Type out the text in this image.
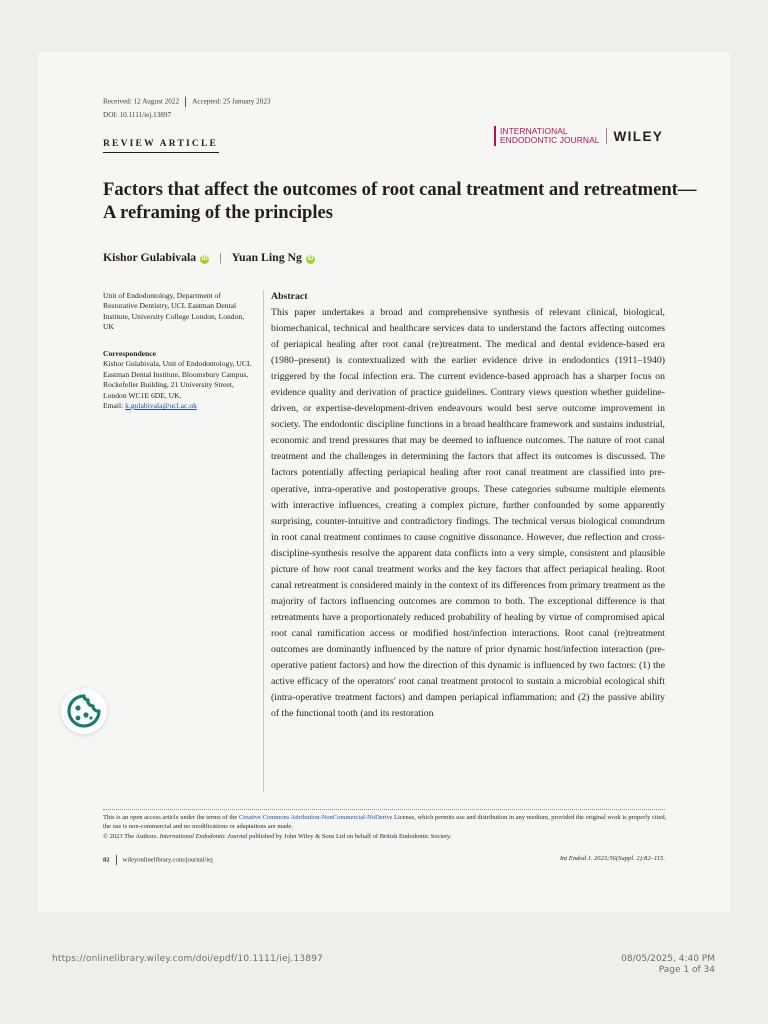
Received: 12 August 2022 Accepted: 25 January 2023
DOI: 10.1111/iej.13897
REVIEW ARTICLE
INTERNATIONAL
ENDODONTIC JOURNAL WILEY
Factors that affect the outcomes of root canal treatment and retreatment—A reframing of the principles
Kishor Gulabivala iD | Yuan Ling Ng iD
Unit of Endodontology, Department of Restorative Dentistry, UCL Eastman Dental Institute, University College London, London, UK
Correspondence
Kishor Gulabivala, Unit of Endodontology, UCL Eastman Dental Institute, Bloomsbury Campus, Rockefeller Building, 21 University Street, London WC1E 6DE, UK.
Email: k.gulabivala@ucl.ac.uk
Abstract
This paper undertakes a broad and comprehensive synthesis of relevant clinical, biological, biomechanical, technical and healthcare services data to understand the factors affecting outcomes of periapical healing after root canal (re)treatment. The medical and dental evidence-based era (1980–present) is contextualized with the earlier evidence drive in endodontics (1911–1940) triggered by the focal infection era. The current evidence-based approach has a sharper focus on evidence quality and derivation of practice guidelines. Contrary views question whether guideline-driven, or expertise-development-driven endeavours would best serve outcome improvement in society. The endodontic discipline functions in a broad healthcare framework and sustains industrial, economic and trend pressures that may be deemed to influence outcomes. The nature of root canal treatment and the challenges in determining the factors that affect its outcomes is discussed. The factors potentially affecting periapical healing after root canal treatment are classified into pre-operative, intra-operative and postoperative groups. These categories subsume multiple elements with interactive influences, creating a complex picture, further confounded by some apparently surprising, counter-intuitive and contradictory findings. The technical versus biological conundrum in root canal treatment continues to cause cognitive dissonance. However, due reflection and cross-discipline-synthesis resolve the apparent data conflicts into a very simple, consistent and plausible picture of how root canal treatment works and the key factors that affect periapical healing. Root canal retreatment is considered mainly in the context of its differences from primary treatment as the majority of factors influencing outcomes are common to both. The exceptional difference is that retreatments have a proportionately reduced probability of healing by virtue of compromised apical root canal ramification access or modified host/infection interactions. Root canal (re)treatment outcomes are dominantly influenced by the nature of prior dynamic host/infection interaction (pre-operative patient factors) and how the direction of this dynamic is influenced by two factors: (1) the active efficacy of the operators' root canal treatment protocol to sustain a microbial ecological shift (intra-operative treatment factors) and dampen periapical inflammation; and (2) the passive ability of the functional tooth (and its restoration
This is an open access article under the terms of the Creative Commons Attribution-NonCommercial-NoDerivs License, which permits use and distribution in any medium, provided the original work is properly cited, the use is non-commercial and no modifications or adaptations are made.
© 2023 The Authors. International Endodontic Journal published by John Wiley & Sons Ltd on behalf of British Endodontic Society.
82 wileyonlinelibrary.com/journal/iej	Int Endod J. 2023;56(Suppl. 2):82–115.
https://onlinelibrary.wiley.com/doi/epdf/10.1111/iej.13897	08/05/2025, 4:40 PM
Page 1 of 34
